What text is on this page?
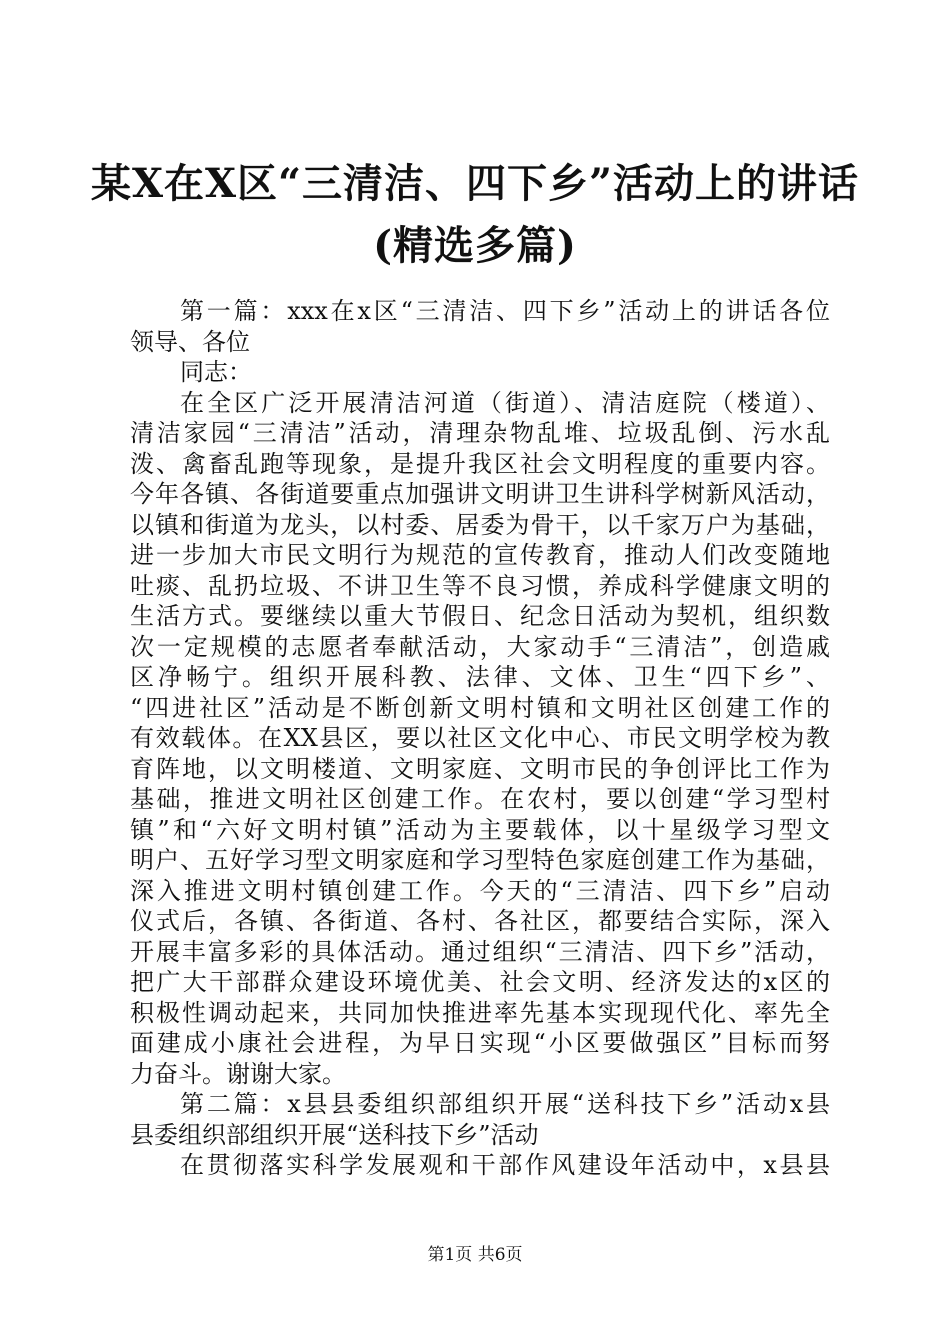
某X在X区“三清洁、四下乡”活动上的讲话
(精选多篇)
第一篇：xxx在x区“三清洁、四下乡”活动上的讲话各位
领导、各位
同志：
在全区广泛开展清洁河道（街道）、清洁庭院（楼道）、
清洁家园“三清洁”活动，清理杂物乱堆、垃圾乱倒、污水乱
泼、禽畜乱跑等现象，是提升我区社会文明程度的重要内容。
今年各镇、各街道要重点加强讲文明讲卫生讲科学树新风活动，
以镇和街道为龙头，以村委、居委为骨干，以千家万户为基础，
进一步加大市民文明行为规范的宣传教育，推动人们改变随地
吐痰、乱扔垃圾、不讲卫生等不良习惯，养成科学健康文明的
生活方式。要继续以重大节假日、纪念日活动为契机，组织数
次一定规模的志愿者奉献活动，大家动手“三清洁”，创造戚
区净畅宁。组织开展科教、法律、文体、卫生“四下乡”、
“四进社区”活动是不断创新文明村镇和文明社区创建工作的
有效载体。在XX县区，要以社区文化中心、市民文明学校为教
育阵地，以文明楼道、文明家庭、文明市民的争创评比工作为
基础，推进文明社区创建工作。在农村，要以创建“学习型村
镇”和“六好文明村镇”活动为主要载体，以十星级学习型文
明户、五好学习型文明家庭和学习型特色家庭创建工作为基础，
深入推进文明村镇创建工作。今天的“三清洁、四下乡”启动
仪式后，各镇、各街道、各村、各社区，都要结合实际，深入
开展丰富多彩的具体活动。通过组织“三清洁、四下乡”活动，
把广大干部群众建设环境优美、社会文明、经济发达的x区的
积极性调动起来，共同加快推进率先基本实现现代化、率先全
面建成小康社会进程，为早日实现“小区要做强区”目标而努
力奋斗。谢谢大家。
第二篇：x县县委组织部组织开展“送科技下乡”活动x县
县委组织部组织开展“送科技下乡”活动
在贯彻落实科学发展观和干部作风建设年活动中，x县县
第1页 共6页
